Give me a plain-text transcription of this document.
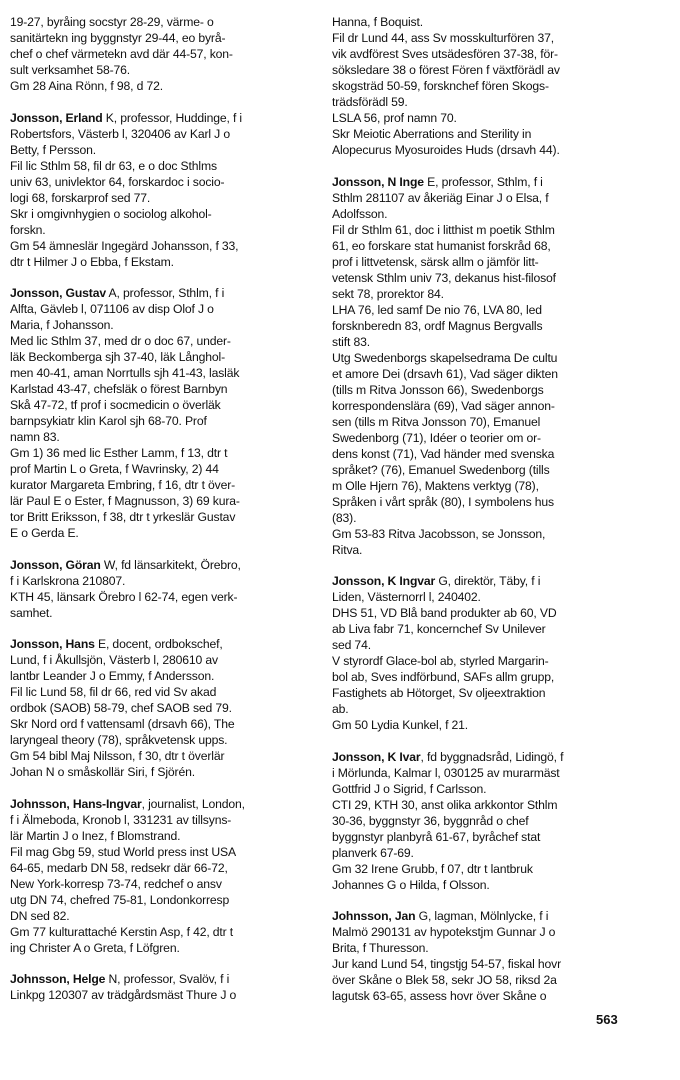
19-27, byråing socstyr 28-29, värme- o
sanitärtekn ing byggnstyr 29-44, eo byrå-
chef o chef värmetekn avd där 44-57, kon-
sult verksamhet 58-76.
Gm 28 Aina Rönn, f 98, d 72.
Jonsson, Erland K, professor, Huddinge, f i
Robertsfors, Västerb l, 320406 av Karl J o
Betty, f Persson.
Fil lic Sthlm 58, fil dr 63, e o doc Sthlms
univ 63, univlektor 64, forskardoc i socio-
logi 68, forskarprof sed 77.
Skr i omgivnhygien o sociolog alkohol-
forskn.
Gm 54 ämneslär Ingegärd Johansson, f 33,
dtr t Hilmer J o Ebba, f Ekstam.
Jonsson, Gustav A, professor, Sthlm, f i
Alfta, Gävleb l, 071106 av disp Olof J o
Maria, f Johansson.
Med lic Sthlm 37, med dr o doc 67, under-
läk Beckomberga sjh 37-40, läk Långhol-
men 40-41, aman Norrtulls sjh 41-43, lasläk
Karlstad 43-47, chefsläk o förest Barnbyn
Skå 47-72, tf prof i socmedicin o överläk
barnpsykiatr klin Karol sjh 68-70. Prof
namn 83.
Gm 1) 36 med lic Esther Lamm, f 13, dtr t
prof Martin L o Greta, f Wavrinsky, 2) 44
kurator Margareta Embring, f 16, dtr t över-
lär Paul E o Ester, f Magnusson, 3) 69 kura-
tor Britt Eriksson, f 38, dtr t yrkeslär Gustav
E o Gerda E.
Jonsson, Göran W, fd länsarkitekt, Örebro,
f i Karlskrona 210807.
KTH 45, länsark Örebro l 62-74, egen verk-
samhet.
Jonsson, Hans E, docent, ordbokschef,
Lund, f i Åkullsjön, Västerb l, 280610 av
lantbr Leander J o Emmy, f Andersson.
Fil lic Lund 58, fil dr 66, red vid Sv akad
ordbok (SAOB) 58-79, chef SAOB sed 79.
Skr Nord ord f vattensaml (drsavh 66), The
laryngeal theory (78), språkvetensk upps.
Gm 54 bibl Maj Nilsson, f 30, dtr t överlär
Johan N o småskollär Siri, f Sjörén.
Johnsson, Hans-Ingvar, journalist, London,
f i Älmeboda, Kronob l, 331231 av tillsyns-
lär Martin J o Inez, f Blomstrand.
Fil mag Gbg 59, stud World press inst USA
64-65, medarb DN 58, redsekr där 66-72,
New York-korresp 73-74, redchef o ansv
utg DN 74, chefred 75-81, Londonkorresp
DN sed 82.
Gm 77 kulturattaché Kerstin Asp, f 42, dtr t
ing Christer A o Greta, f Löfgren.
Johnsson, Helge N, professor, Svalöv, f i
Linkpg 120307 av trädgårdsmäst Thure J o
Hanna, f Boquist.
Fil dr Lund 44, ass Sv mosskulturfören 37,
vik avdförest Sves utsädesfören 37-38, för-
söksledare 38 o förest Fören f växtförädl av
skogsträd 50-59, forsknchef fören Skogs-
trädsförädl 59.
LSLA 56, prof namn 70.
Skr Meiotic Aberrations and Sterility in
Alopecurus Myosuroides Huds (drsavh 44).
Jonsson, N Inge E, professor, Sthlm, f i
Sthlm 281107 av åkeriäg Einar J o Elsa, f
Adolfsson.
Fil dr Sthlm 61, doc i litthist m poetik Sthlm
61, eo forskare stat humanist forskråd 68,
prof i littvetensk, särsk allm o jämför litt-
vetensk Sthlm univ 73, dekanus hist-filosof
sekt 78, prorektor 84.
LHA 76, led samf De nio 76, LVA 80, led
forsknberedn 83, ordf Magnus Bergvalls
stift 83.
Utg Swedenborgs skapelsedrama De cultu
et amore Dei (drsavh 61), Vad säger dikten
(tills m Ritva Jonsson 66), Swedenborgs
korrespondenslära (69), Vad säger annon-
sen (tills m Ritva Jonsson 70), Emanuel
Swedenborg (71), Idéer o teorier om or-
dens konst (71), Vad händer med svenska
språket? (76), Emanuel Swedenborg (tills
m Olle Hjern 76), Maktens verktyg (78),
Språken i vårt språk (80), I symbolens hus
(83).
Gm 53-83 Ritva Jacobsson, se Jonsson,
Ritva.
Jonsson, K Ingvar G, direktör, Täby, f i
Liden, Västernorrl l, 240402.
DHS 51, VD Blå band produkter ab 60, VD
ab Liva fabr 71, koncernchef Sv Unilever
sed 74.
V styrordf Glace-bol ab, styrled Margarin-
bol ab, Sves indförbund, SAFs allm grupp,
Fastighets ab Hötorget, Sv oljeextraktion
ab.
Gm 50 Lydia Kunkel, f 21.
Jonsson, K Ivar, fd byggnadsråd, Lidingö, f
i Mörlunda, Kalmar l, 030125 av murarmäst
Gottfrid J o Sigrid, f Carlsson.
CTI 29, KTH 30, anst olika arkkontor Sthlm
30-36, byggnstyr 36, byggnråd o chef
byggnstyr planbyrå 61-67, byråchef stat
planverk 67-69.
Gm 32 Irene Grubb, f 07, dtr t lantbruk
Johannes G o Hilda, f Olsson.
Johnsson, Jan G, lagman, Mölnlycke, f i
Malmö 290131 av hypotekstjm Gunnar J o
Brita, f Thuresson.
Jur kand Lund 54, tingstjg 54-57, fiskal hovr
över Skåne o Blek 58, sekr JO 58, riksd 2a
lagutsk 63-65, assess hovr över Skåne o
563
